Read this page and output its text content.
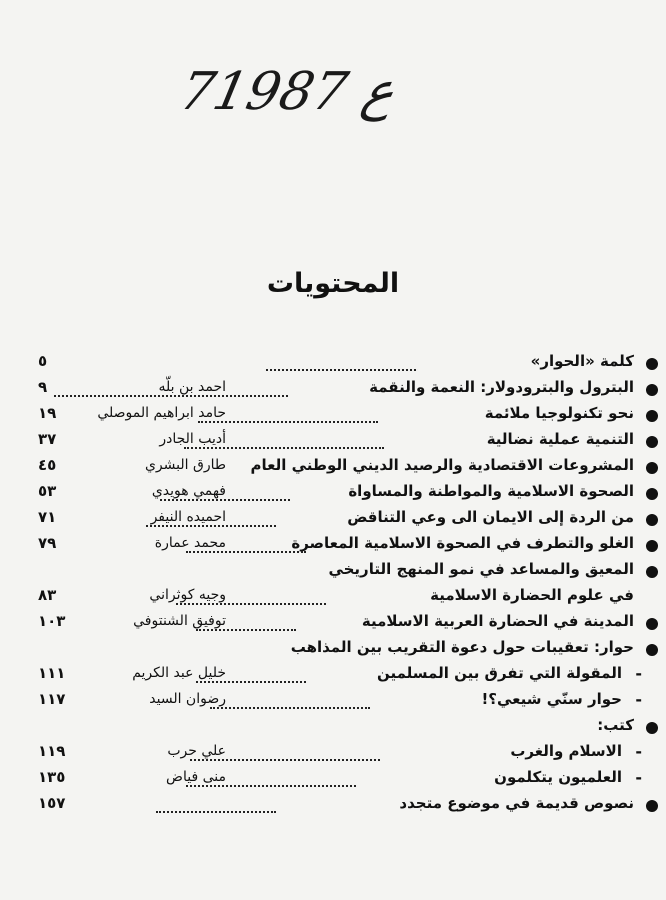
7ع 1987
المحتويات
كلمة «الحوار»
٥
البترول والبترودولار: النعمة والنقمة
احمد بن بلّه
٩
نحو تكنولوجيا ملائمة
حامد ابراهيم الموصلي
١٩
التنمية عملية نضالية
أديب الجادر
٣٧
المشروعات الاقتصادية والرصيد الديني الوطني العام
طارق البشري
٤٥
الصحوة الاسلامية والمواطنة والمساواة
فهمي هويدي
٥٣
من الردة إلى الايمان الى وعي التناقض
احميده النيفر
٧١
الغلو والتطرف في الصحوة الاسلامية المعاصرة
محمد عمارة
٧٩
المعيق والمساعد في نمو المنهج التاريخي
في علوم الحضارة الاسلامية
وجيه كوثراني
٨٣
المدينة في الحضارة العربية الاسلامية
توفيق الشنتوفي
١٠٣
حوار: تعقيبات حول دعوة التقريب بين المذاهب
-
المقولة التي تفرق بين المسلمين
خليل عبد الكريم
١١١
-
حوار سنّي شيعي؟!
رضوان السيد
١١٧
كتب:
-
الاسلام والغرب
علي حرب
١١٩
-
العلميون يتكلمون
منى فياض
١٣٥
نصوص قديمة في موضوع متجدد
١٥٧
